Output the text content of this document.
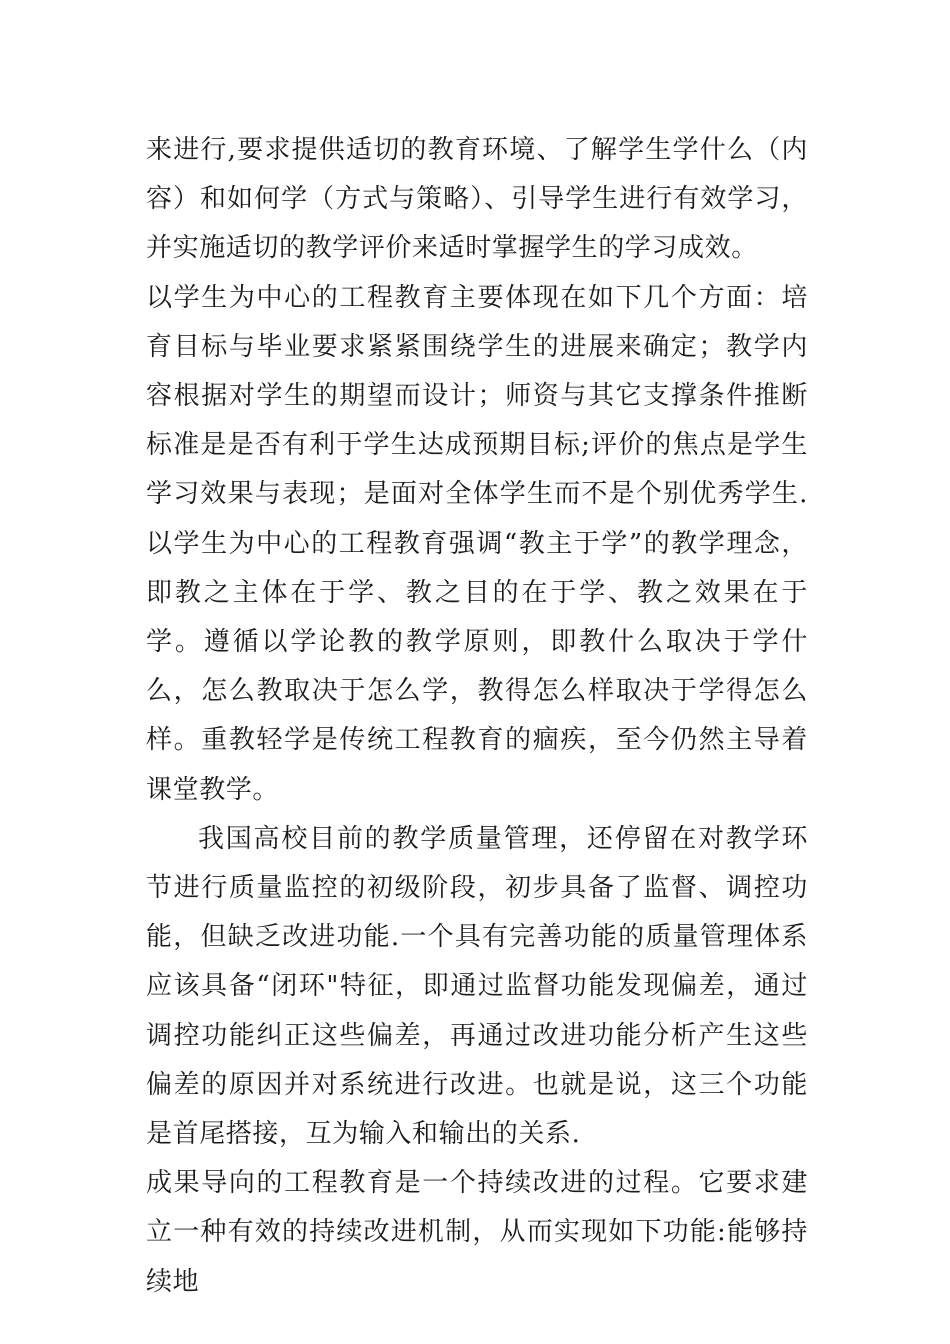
来进行,要求提供适切的教育环境、了解学生学什么（内容）和如何学（方式与策略）、引导学生进行有效学习，并实施适切的教学评价来适时掌握学生的学习成效。

以学生为中心的工程教育主要体现在如下几个方面：培育目标与毕业要求紧紧围绕学生的进展来确定；教学内容根据对学生的期望而设计；师资与其它支撑条件推断标准是是否有利于学生达成预期目标;评价的焦点是学生学习效果与表现；是面对全体学生而不是个别优秀学生.以学生为中心的工程教育强调“教主于学”的教学理念，即教之主体在于学、教之目的在于学、教之效果在于学。遵循以学论教的教学原则，即教什么取决于学什么，怎么教取决于怎么学，教得怎么样取决于学得怎么样。重教轻学是传统工程教育的痼疾，至今仍然主导着课堂教学。

我国高校目前的教学质量管理，还停留在对教学环节进行质量监控的初级阶段，初步具备了监督、调控功能，但缺乏改进功能.一个具有完善功能的质量管理体系应该具备“闭环"特征，即通过监督功能发现偏差，通过调控功能纠正这些偏差，再通过改进功能分析产生这些偏差的原因并对系统进行改进。也就是说，这三个功能是首尾搭接，互为输入和输出的关系.

成果导向的工程教育是一个持续改进的过程。它要求建立一种有效的持续改进机制，从而实现如下功能:能够持续地
